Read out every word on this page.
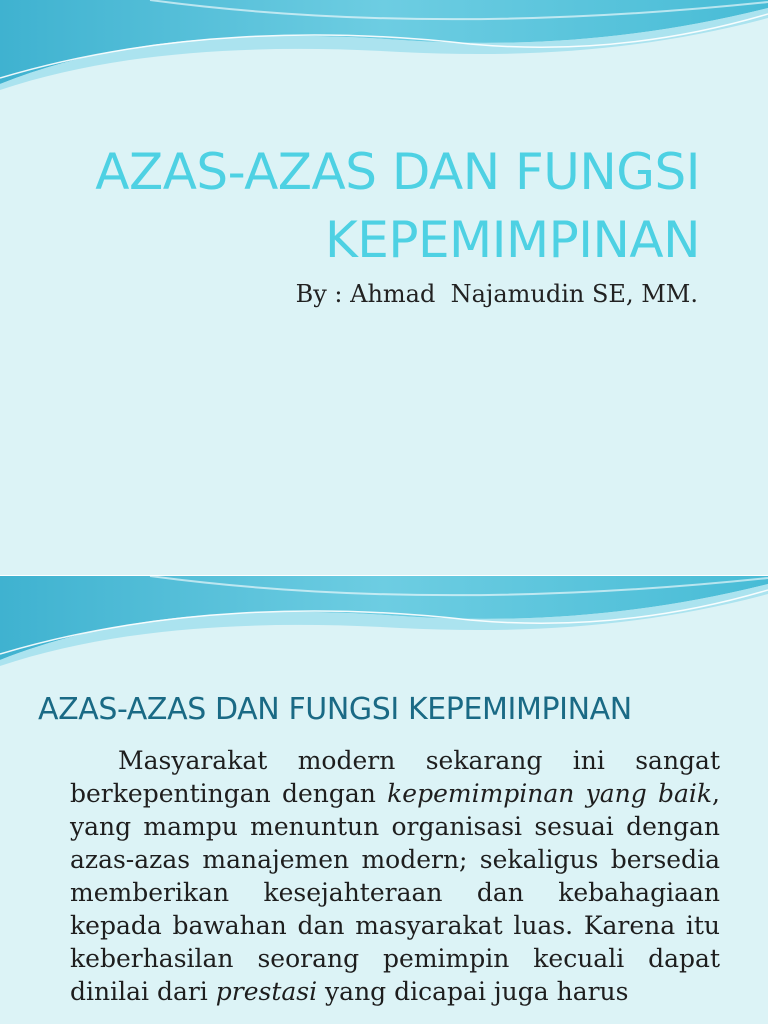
AZAS-AZAS DAN FUNGSI
KEPEMIMPINAN
By : Ahmad  Najamudin SE, MM.
AZAS-AZAS DAN FUNGSI KEPEMIMPINAN

Masyarakat modern sekarang ini sangat berkepentingan dengan kepemimpinan yang baik, yang mampu menuntun organisasi sesuai dengan azas-azas manajemen modern; sekaligus bersedia memberikan kesejahteraan dan kebahagiaan kepada bawahan dan masyarakat luas. Karena itu keberhasilan seorang pemimpin kecuali dapat dinilai dari prestasi yang dicapai juga harus
